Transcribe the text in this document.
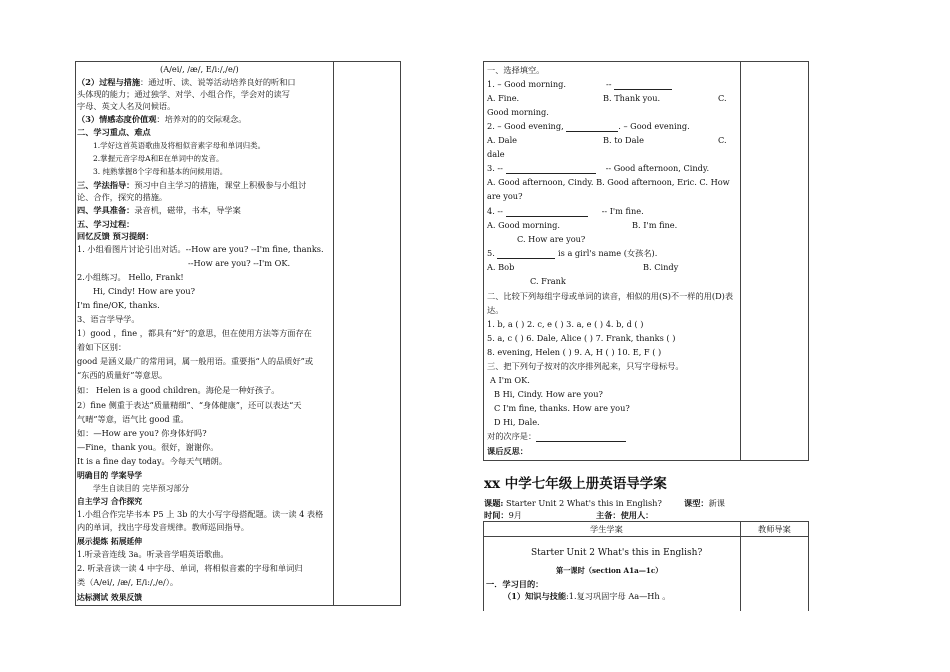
(A/ei/, /æ/, E/i:/,/e/)
（2）过程与措施：通过听、读、说等活动培养良好的听和口
头体现的能力；通过独学、对学、小组合作，学会对的读写
字母、英文人名及问候语。
（3）情感态度价值观：培养对的的交际观念。
二、学习重点、难点
1.学好这首英语歌曲及将相似音素字母和单词归类。
2.掌握元音字母A和E在单词中的发音。
3. 纯熟掌握8个字母和基本的问候用语。
三、学法指导：预习中自主学习的措施，课堂上积极参与小组讨
论、合作，探究的措施。
四、学具准备：录音机，磁带，书本，导学案
五、学习过程：
回忆反馈 预习提纲：
1. 小组看图片讨论引出对话。--How are you? --I'm fine, thanks.
--How are you? --I'm OK.
2.小组练习。 Hello, Frank!
Hi, Cindy! How are you?
I'm fine/OK, thanks.
3、语言学导学。
1）good ，fine ，都具有“好”的意思，但在使用方法等方面存在
着如下区别：
good 是涵义最广的常用词，属一般用语。重要指“人的品质好”或
“东西的质量好”等意思。
如： Helen is a good children。海伦是一种好孩子。
2）fine 侧重于表达“质量精细”、“身体健康”，还可以表达“天
气晴”等意，语气比 good 重。
如：—How are you? 你身体好吗?
—Fine，thank you。很好，谢谢你。
It is a fine day today。今每天气晴朗。
明确目的 学案导学
学生自读目的 完毕预习部分
自主学习 合作探究
1.小组合作完毕书本 P5 上 3b 的大小写字母搭配题。读一读 4 表格
内的单词，找出字母发音规律。教师巡回指导。
展示提炼 拓展延伸
1.听录音连线 3a。听录音学唱英语歌曲。
2. 听录音读一读 4 中字母、单词，将相似音素的字母和单词归
类（A/ei/, /æ/, E/i:/,/e/）。
达标测试 效果反馈
一、选择填空。
1. – Good morning.	--
A. Fine.	B. Thank you.	C.
Good morning.
2. – Good evening,	. – Good evening.
A. Dale	B. to Dale	C.
dale
3. --	-- Good afternoon, Cindy.
A. Good afternoon, Cindy. B. Good afternoon, Eric. C. How
are you?
4. --	-- I'm fine.
A. Good morning.	B. I'm fine.
C. How are you?
5.	is a girl's name (女孩名).
A. Bob	B. Cindy
C. Frank
二、比较下列每组字母或单词的读音，相似的用(S)不一样的用(D)表
达。
1. b, a ( ) 2. c, e ( ) 3. a, e ( ) 4. b, d ( )
5. a, c ( ) 6. Dale, Alice ( ) 7. Frank, thanks ( )
8. evening, Helen ( ) 9. A, H ( ) 10. E, F ( )
三、把下列句子按对的次序排列起来，只写字母标号。
A I'm OK.
B Hi, Cindy. How are you?
C I'm fine, thanks. How are you?
D Hi, Dale.
对的次序是：
课后反思：
xx 中学七年级上册英语导学案
课题: Starter Unit 2 What's this in English?	课型：新课
时间：9月	主备：使用人：
学生学案	教师导案
Starter Unit 2 What's this in English?
第一课时（section A1a—1c）
一．学习目的：
（1）知识与技能:1.复习巩固字母 Aa—Hh 。
